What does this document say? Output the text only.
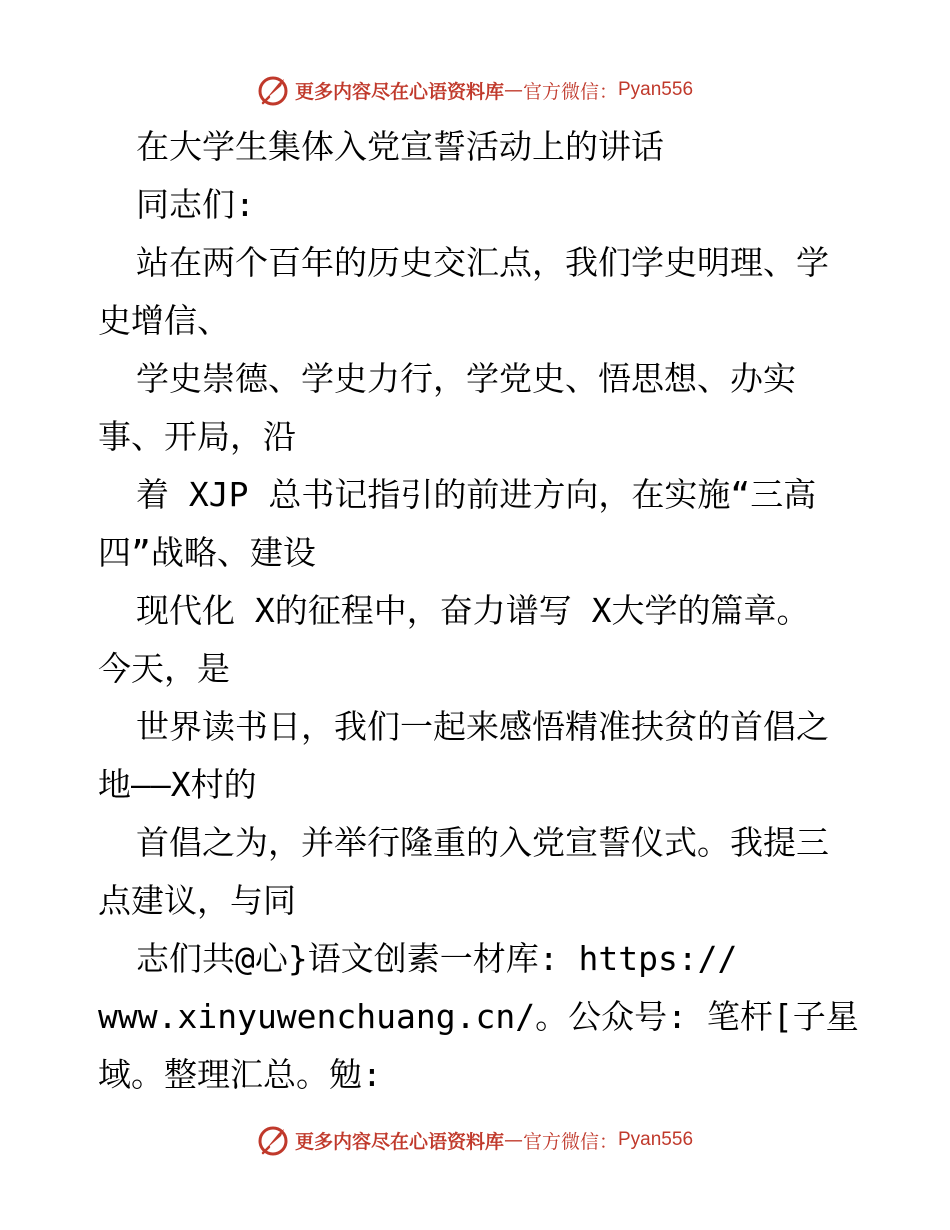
更多内容尽在心语资料库 — 官方微信： Pyan556
在大学生集体入党宣誓活动上的讲话
同志们:
站在两个百年的历史交汇点，我们学史明理、学
史增信、
学史崇德、学史力行，学党史、悟思想、办实
事、开局，沿
着 XJP 总书记指引的前进方向，在实施“三高
四”战略、建设
现代化 X的征程中，奋力谱写 X大学的篇章。
今天，是
世界读书日，我们一起来感悟精准扶贫的首倡之
地——X村的
首倡之为，并举行隆重的入党宣誓仪式。我提三
点建议，与同
志们共@心}语文创素一材库: https://
www.xinyuwenchuang.cn/。公众号: 笔杆[子星
域。整理汇总。勉:
更多内容尽在心语资料库 — 官方微信： Pyan556
